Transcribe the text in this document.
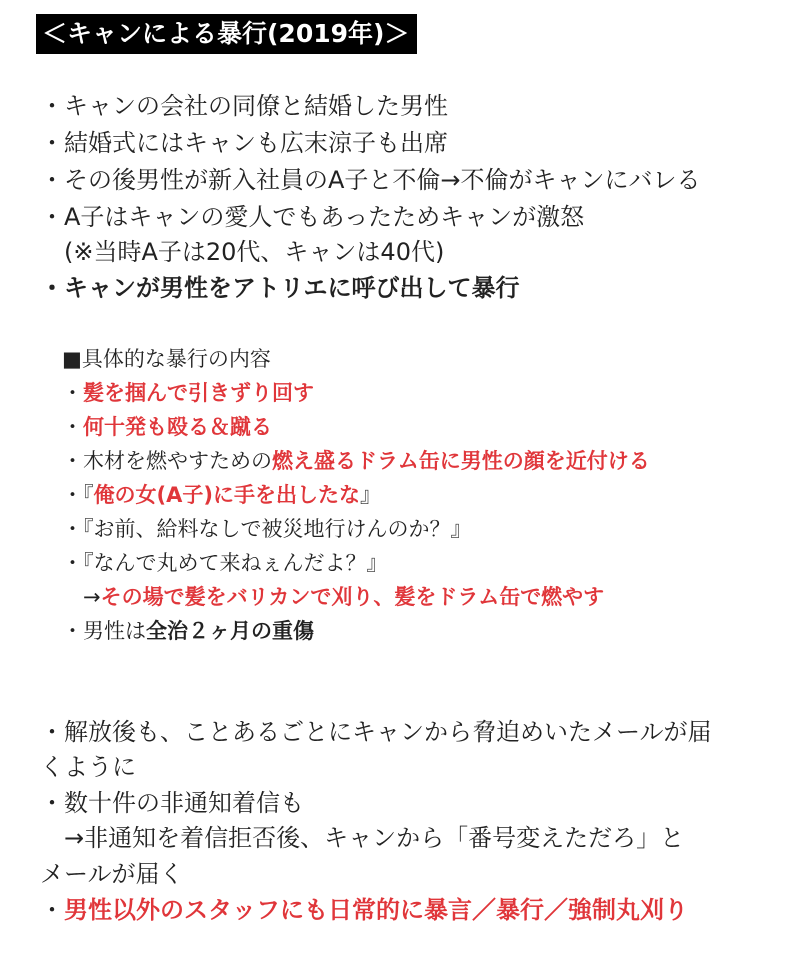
＜キャンによる暴行(2019年)＞
・キャンの会社の同僚と結婚した男性
・結婚式にはキャンも広末涼子も出席
・その後男性が新入社員のA子と不倫→不倫がキャンにバレる
・A子はキャンの愛人でもあったためキャンが激怒
　(※当時A子は20代、キャンは40代)
・キャンが男性をアトリエに呼び出して暴行
■具体的な暴行の内容
・髪を掴んで引きずり回す
・何十発も殴る＆蹴る
・木材を燃やすための燃え盛るドラム缶に男性の顔を近付ける
・『俺の女(A子)に手を出したな』
・『お前、給料なしで被災地行けんのか？』
・『なんで丸めて来ねぇんだよ？』
　→その場で髪をバリカンで刈り、髪をドラム缶で燃やす
・男性は全治２ヶ月の重傷
・解放後も、ことあるごとにキャンから脅迫めいたメールが届
くように
・数十件の非通知着信も
　→非通知を着信拒否後、キャンから「番号変えただろ」と
メールが届く
・男性以外のスタッフにも日常的に暴言／暴行／強制丸刈り
